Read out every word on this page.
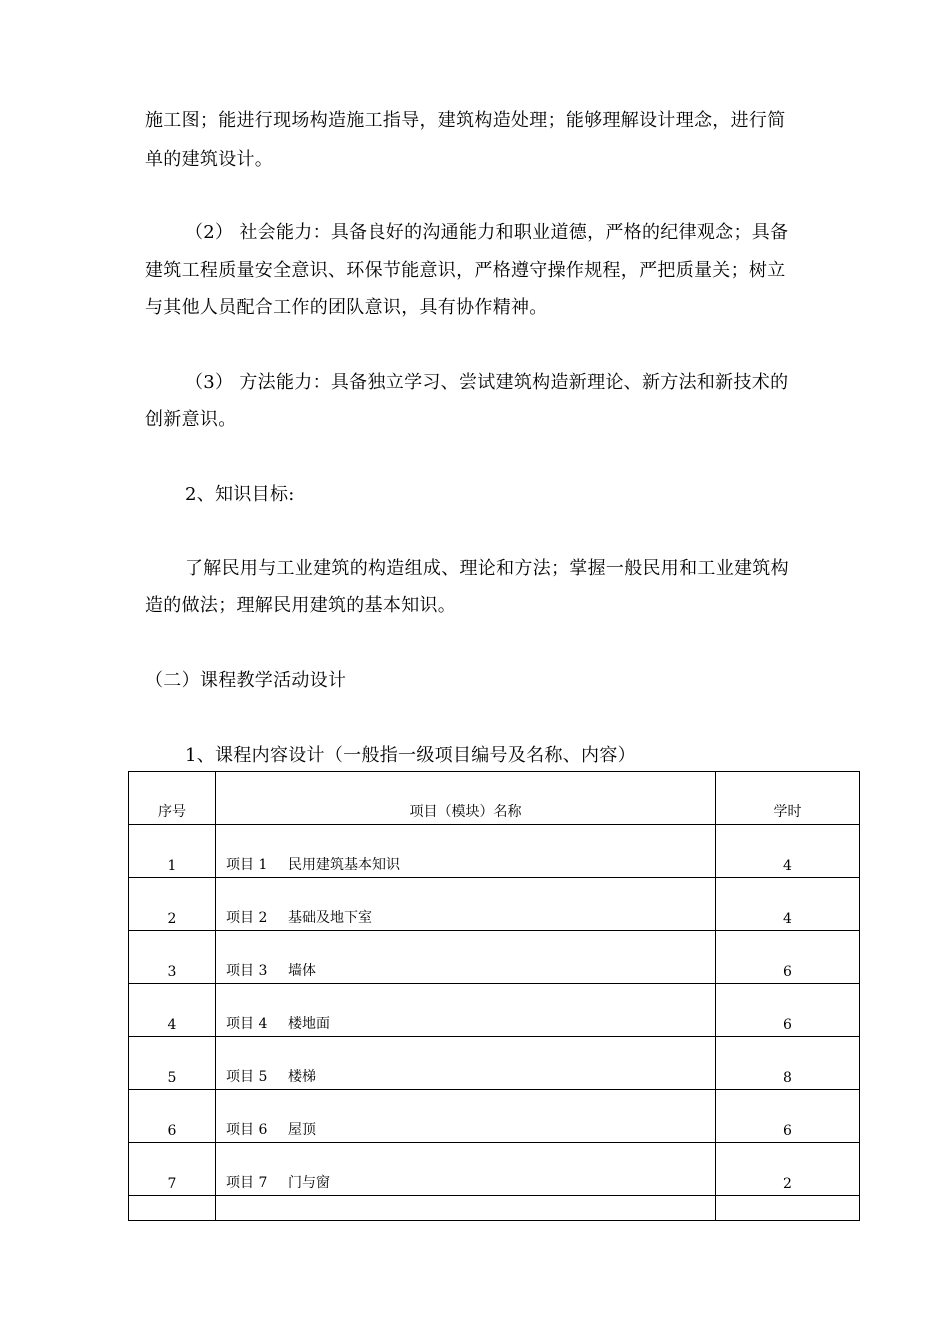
施工图；能进行现场构造施工指导，建筑构造处理；能够理解设计理念，进行简
单的建筑设计。
（2） 社会能力：具备良好的沟通能力和职业道德，严格的纪律观念；具备
建筑工程质量安全意识、环保节能意识，严格遵守操作规程，严把质量关；树立
与其他人员配合工作的团队意识，具有协作精神。
（3） 方法能力：具备独立学习、尝试建筑构造新理论、新方法和新技术的
创新意识。
2、知识目标:
了解民用与工业建筑的构造组成、理论和方法；掌握一般民用和工业建筑构
造的做法；理解民用建筑的基本知识。
（二）课程教学活动设计
1、课程内容设计（一般指一级项目编号及名称、内容）
序号	项目（模块）名称	学时
1	项目 1 民用建筑基本知识	4
2	项目 2 基础及地下室	4
3	项目 3 墙体	6
4	项目 4 楼地面	6
5	项目 5 楼梯	8
6	项目 6 屋顶	6
7	项目 7 门与窗	2
